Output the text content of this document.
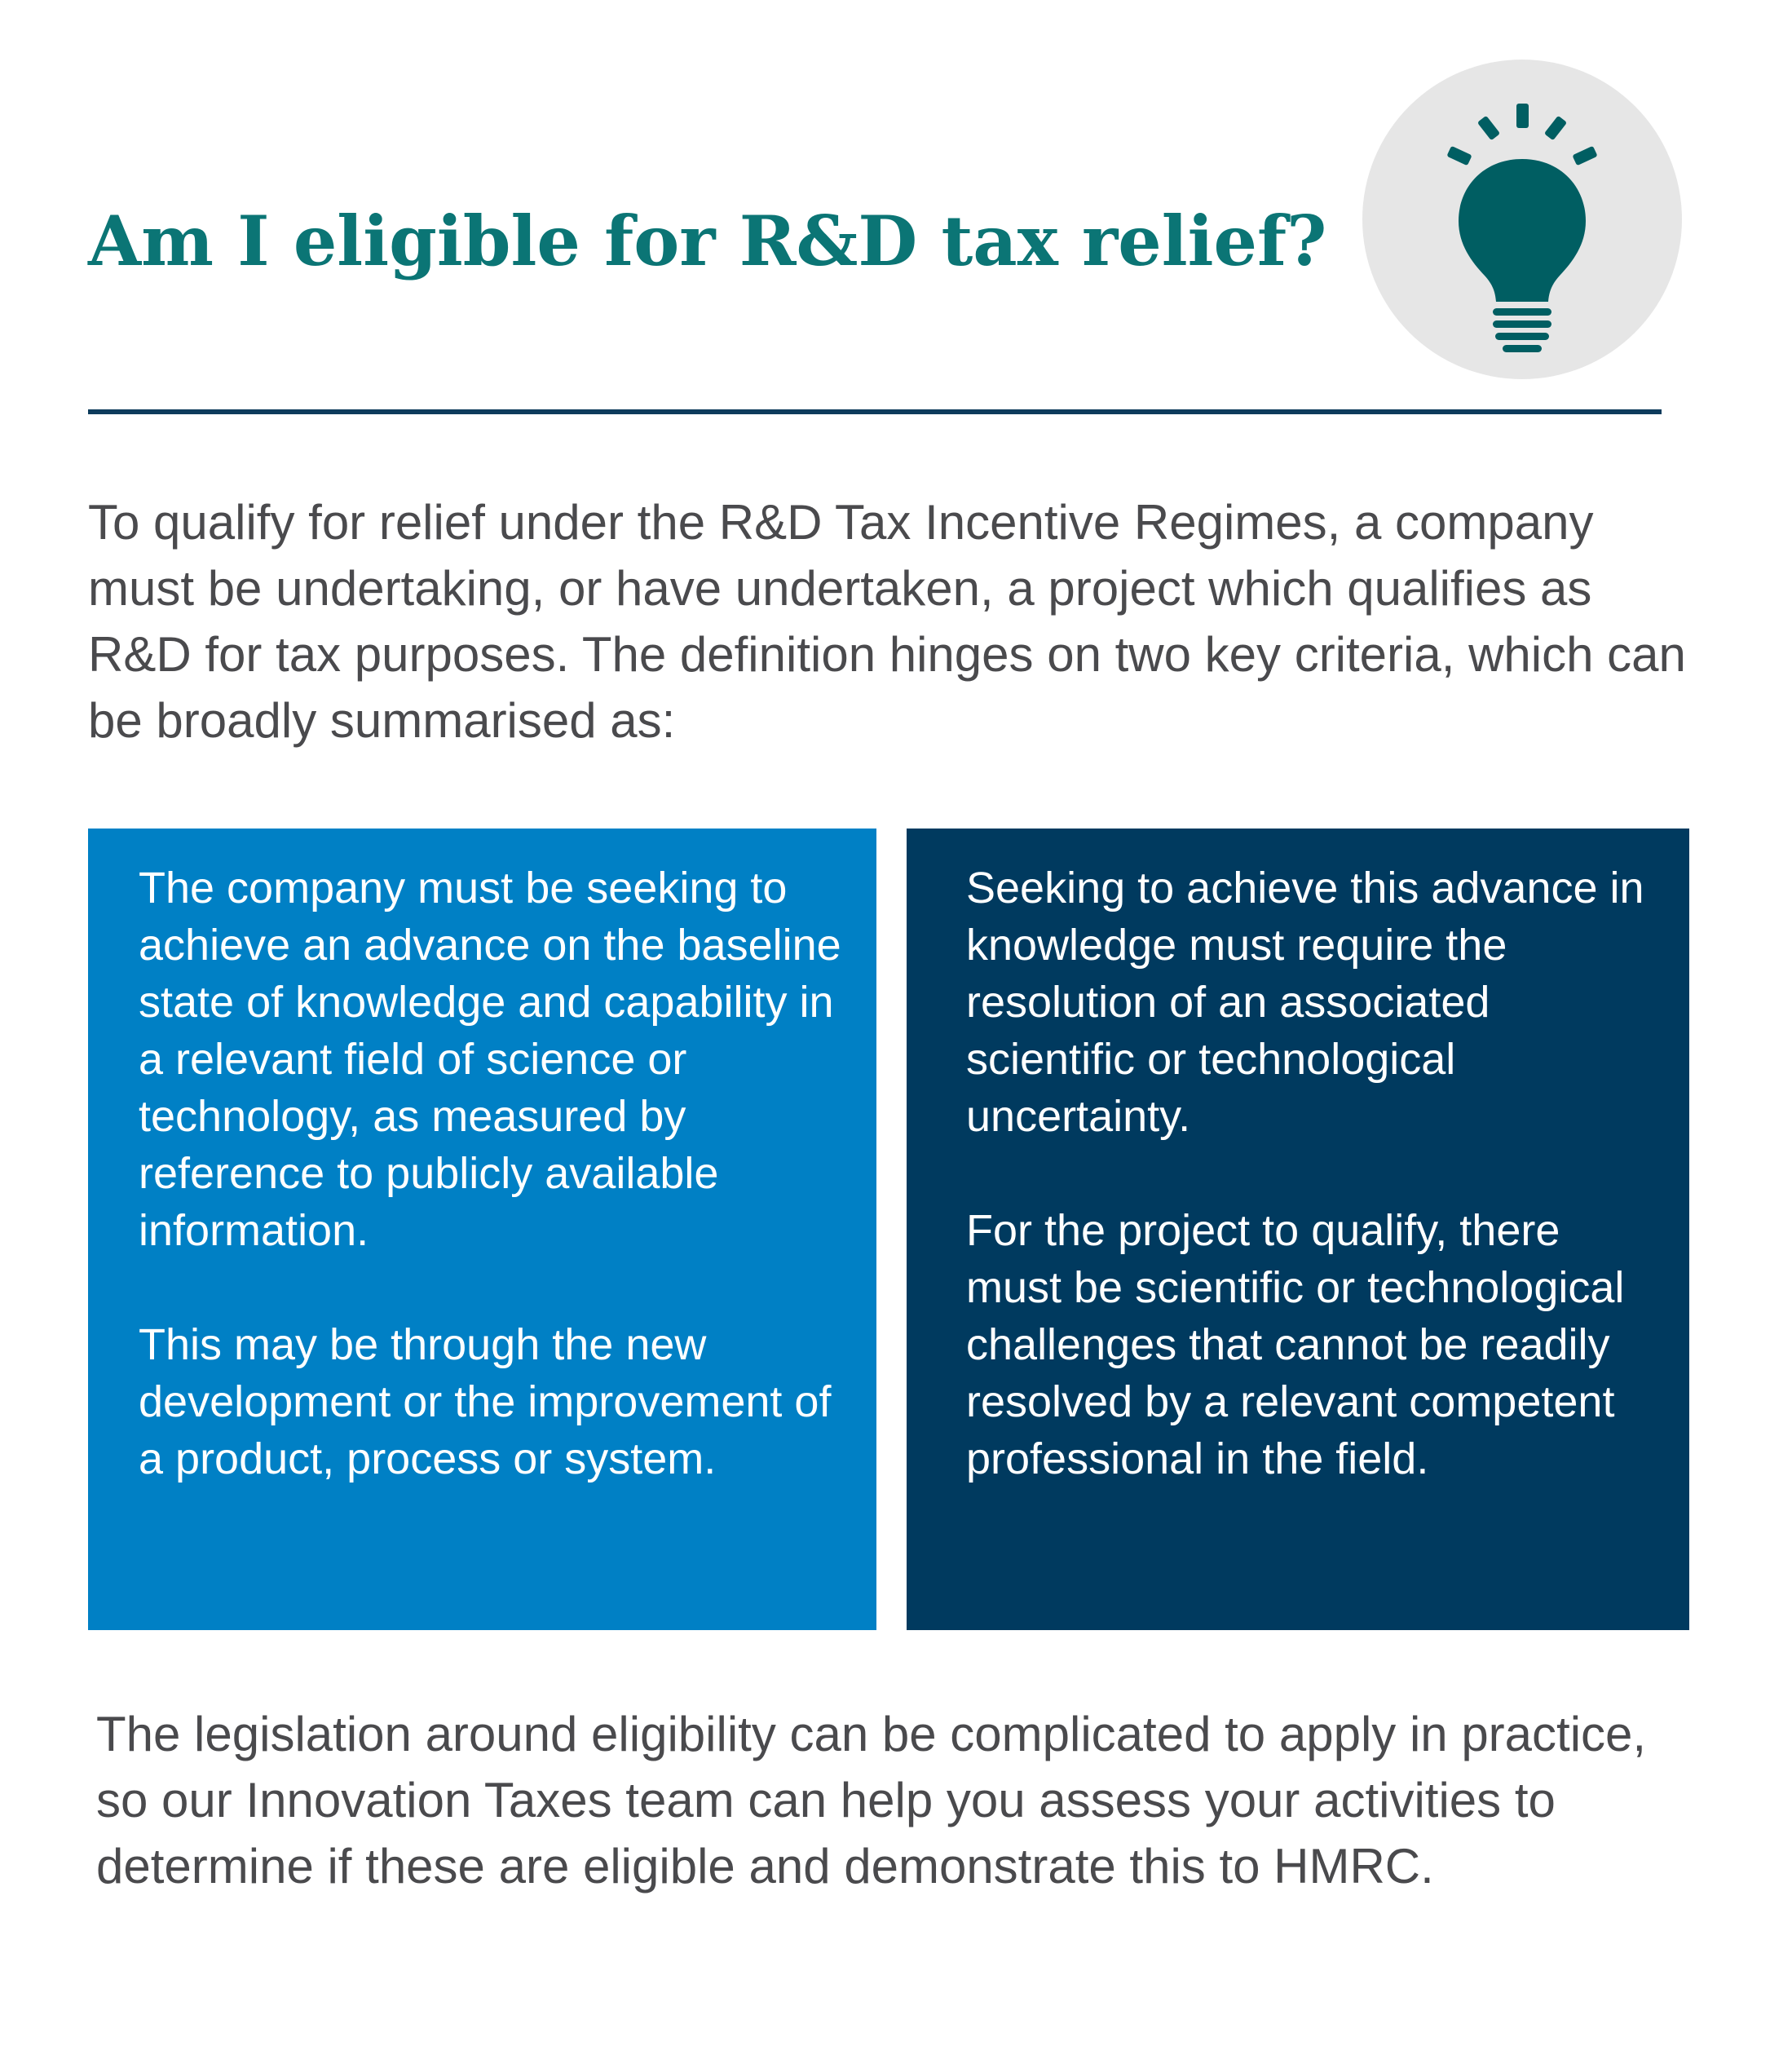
Am I eligible for R&D tax relief?

To qualify for relief under the R&D Tax Incentive Regimes, a company must be undertaking, or have undertaken, a project which qualifies as R&D for tax purposes. The definition hinges on two key criteria, which can be broadly summarised as:

The company must be seeking to achieve an advance on the baseline state of knowledge and capability in a relevant field of science or technology, as measured by reference to publicly available information.

This may be through the new development or the improvement of a product, process or system.

Seeking to achieve this advance in knowledge must require the resolution of an associated scientific or technological uncertainty.

For the project to qualify, there must be scientific or technological challenges that cannot be readily resolved by a relevant competent professional in the field.

The legislation around eligibility can be complicated to apply in practice, so our Innovation Taxes team can help you assess your activities to determine if these are eligible and demonstrate this to HMRC.
